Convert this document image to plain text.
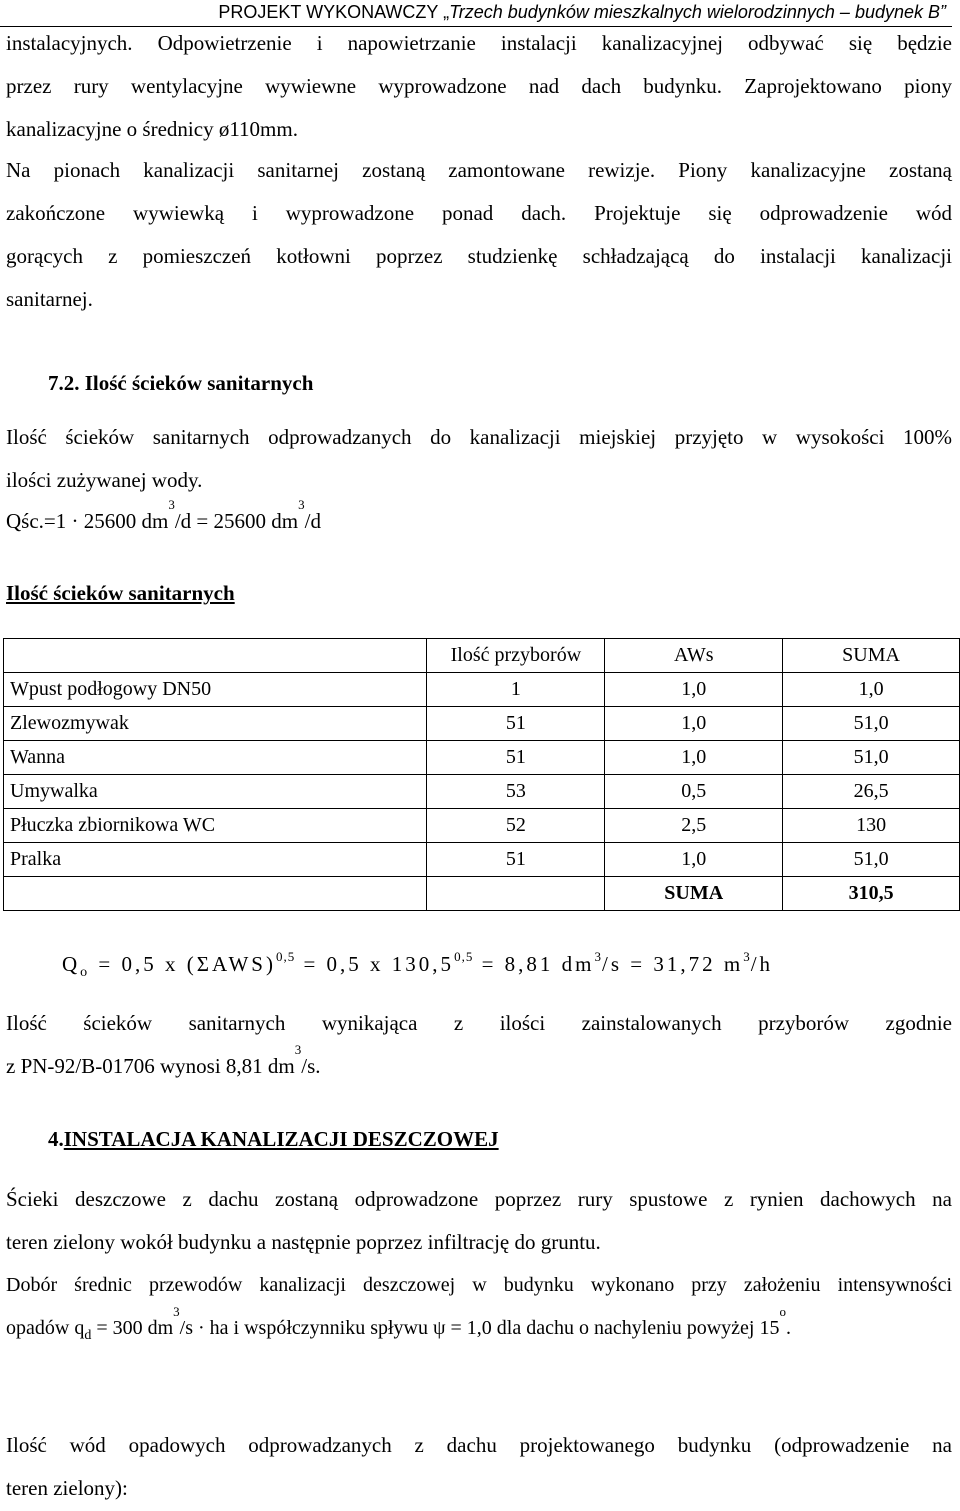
PROJEKT WYKONAWCZY „Trzech budynków mieszkalnych wielorodzinnych – budynek B”
instalacyjnych. Odpowietrzenie i napowietrzanie instalacji kanalizacyjnej odbywać się będzie
przez rury wentylacyjne wywiewne wyprowadzone nad dach budynku. Zaprojektowano piony
kanalizacyjne o średnicy ø110mm.
Na pionach kanalizacji sanitarnej zostaną zamontowane rewizje. Piony kanalizacyjne zostaną
zakończone wywiewką i wyprowadzone ponad dach. Projektuje się odprowadzenie wód
gorących z pomieszczeń kotłowni poprzez studzienkę schładzającą do instalacji kanalizacji
sanitarnej.
7.2. Ilość ścieków sanitarnych
Ilość ścieków sanitarnych odprowadzanych do kanalizacji miejskiej przyjęto w wysokości 100%
ilości zużywanej wody.
Qśc.=1 · 25600 $dm^3/d = 25600$ $dm^3/d$
Ilość ścieków sanitarnych
	Ilość przyborów	AWs	SUMA
Wpust podłogowy DN50	1	1,0	1,0
Zlewozmywak	51	1,0	51,0
Wanna	51	1,0	51,0
Umywalka	53	0,5	26,5
Płuczka zbiornikowa WC	52	2,5	130
Pralka	51	1,0	51,0
		SUMA	310,5
$Q_o = 0,5$ x $(\Sigma AWS)^{0,5} = 0,5$ x $130,5^{0,5} = 8,81$ $dm^3/s = 31,72$ $m^3/h$
Ilość ścieków sanitarnych wynikająca z ilości zainstalowanych przyborów zgodnie
z PN-92/B-01706 wynosi 8,81 $dm^3/s$.
4.INSTALACJA KANALIZACJI DESZCZOWEJ
Ścieki deszczowe z dachu zostaną odprowadzone poprzez rury spustowe z rynien dachowych na
teren zielony wokół budynku a następnie poprzez infiltrację do gruntu.
Dobór średnic przewodów kanalizacji deszczowej w budynku wykonano przy założeniu intensywności
opadów $q_d = 300$ $dm^3/s$ · ha i współczynniku spływu ψ = 1,0 dla dachu o nachyleniu powyżej 15$^o$.
Ilość wód opadowych odprowadzanych z dachu projektowanego budynku (odprowadzenie na
teren zielony):
